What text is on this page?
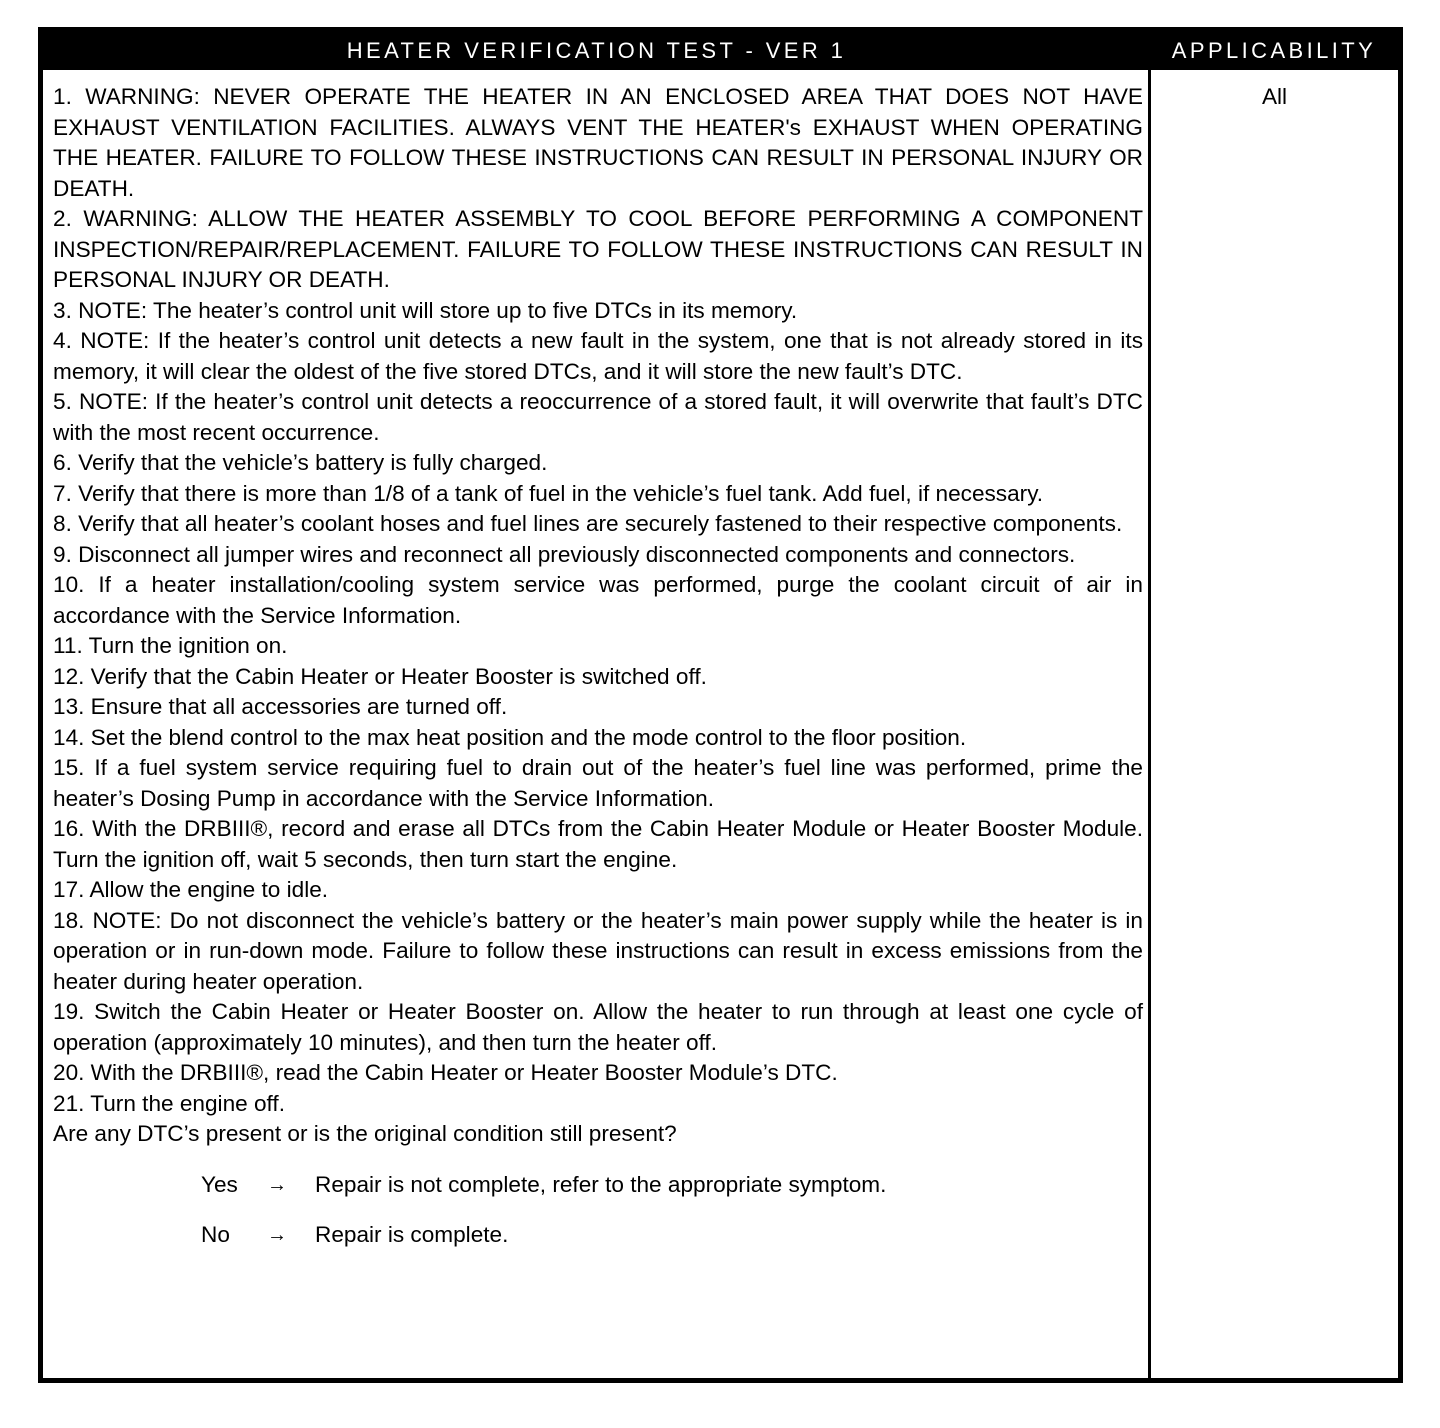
HEATER VERIFICATION TEST - VER 1	APPLICABILITY
1. WARNING: NEVER OPERATE THE HEATER IN AN ENCLOSED AREA THAT DOES NOT HAVE EXHAUST VENTILATION FACILITIES. ALWAYS VENT THE HEATER's EXHAUST WHEN OPERATING THE HEATER. FAILURE TO FOLLOW THESE INSTRUCTIONS CAN RESULT IN PERSONAL INJURY OR DEATH.
2. WARNING: ALLOW THE HEATER ASSEMBLY TO COOL BEFORE PERFORMING A COMPONENT INSPECTION/REPAIR/REPLACEMENT. FAILURE TO FOLLOW THESE INSTRUCTIONS CAN RESULT IN PERSONAL INJURY OR DEATH.
3. NOTE: The heater’s control unit will store up to five DTCs in its memory.
4. NOTE: If the heater’s control unit detects a new fault in the system, one that is not already stored in its memory, it will clear the oldest of the five stored DTCs, and it will store the new fault’s DTC.
5. NOTE: If the heater’s control unit detects a reoccurrence of a stored fault, it will overwrite that fault’s DTC with the most recent occurrence.
6. Verify that the vehicle’s battery is fully charged.
7. Verify that there is more than 1/8 of a tank of fuel in the vehicle’s fuel tank. Add fuel, if necessary.
8. Verify that all heater’s coolant hoses and fuel lines are securely fastened to their respective components.
9. Disconnect all jumper wires and reconnect all previously disconnected components and connectors.
10. If a heater installation/cooling system service was performed, purge the coolant circuit of air in accordance with the Service Information.
11. Turn the ignition on.
12. Verify that the Cabin Heater or Heater Booster is switched off.
13. Ensure that all accessories are turned off.
14. Set the blend control to the max heat position and the mode control to the floor position.
15. If a fuel system service requiring fuel to drain out of the heater’s fuel line was performed, prime the heater’s Dosing Pump in accordance with the Service Information.
16. With the DRBIII®, record and erase all DTCs from the Cabin Heater Module or Heater Booster Module. Turn the ignition off, wait 5 seconds, then turn start the engine.
17. Allow the engine to idle.
18. NOTE: Do not disconnect the vehicle’s battery or the heater’s main power supply while the heater is in operation or in run-down mode. Failure to follow these instructions can result in excess emissions from the heater during heater operation.
19. Switch the Cabin Heater or Heater Booster on. Allow the heater to run through at least one cycle of operation (approximately 10 minutes), and then turn the heater off.
20. With the DRBIII®, read the Cabin Heater or Heater Booster Module’s DTC.
21. Turn the engine off.
Are any DTC’s present or is the original condition still present?
Yes → Repair is not complete, refer to the appropriate symptom.
No → Repair is complete.
All
